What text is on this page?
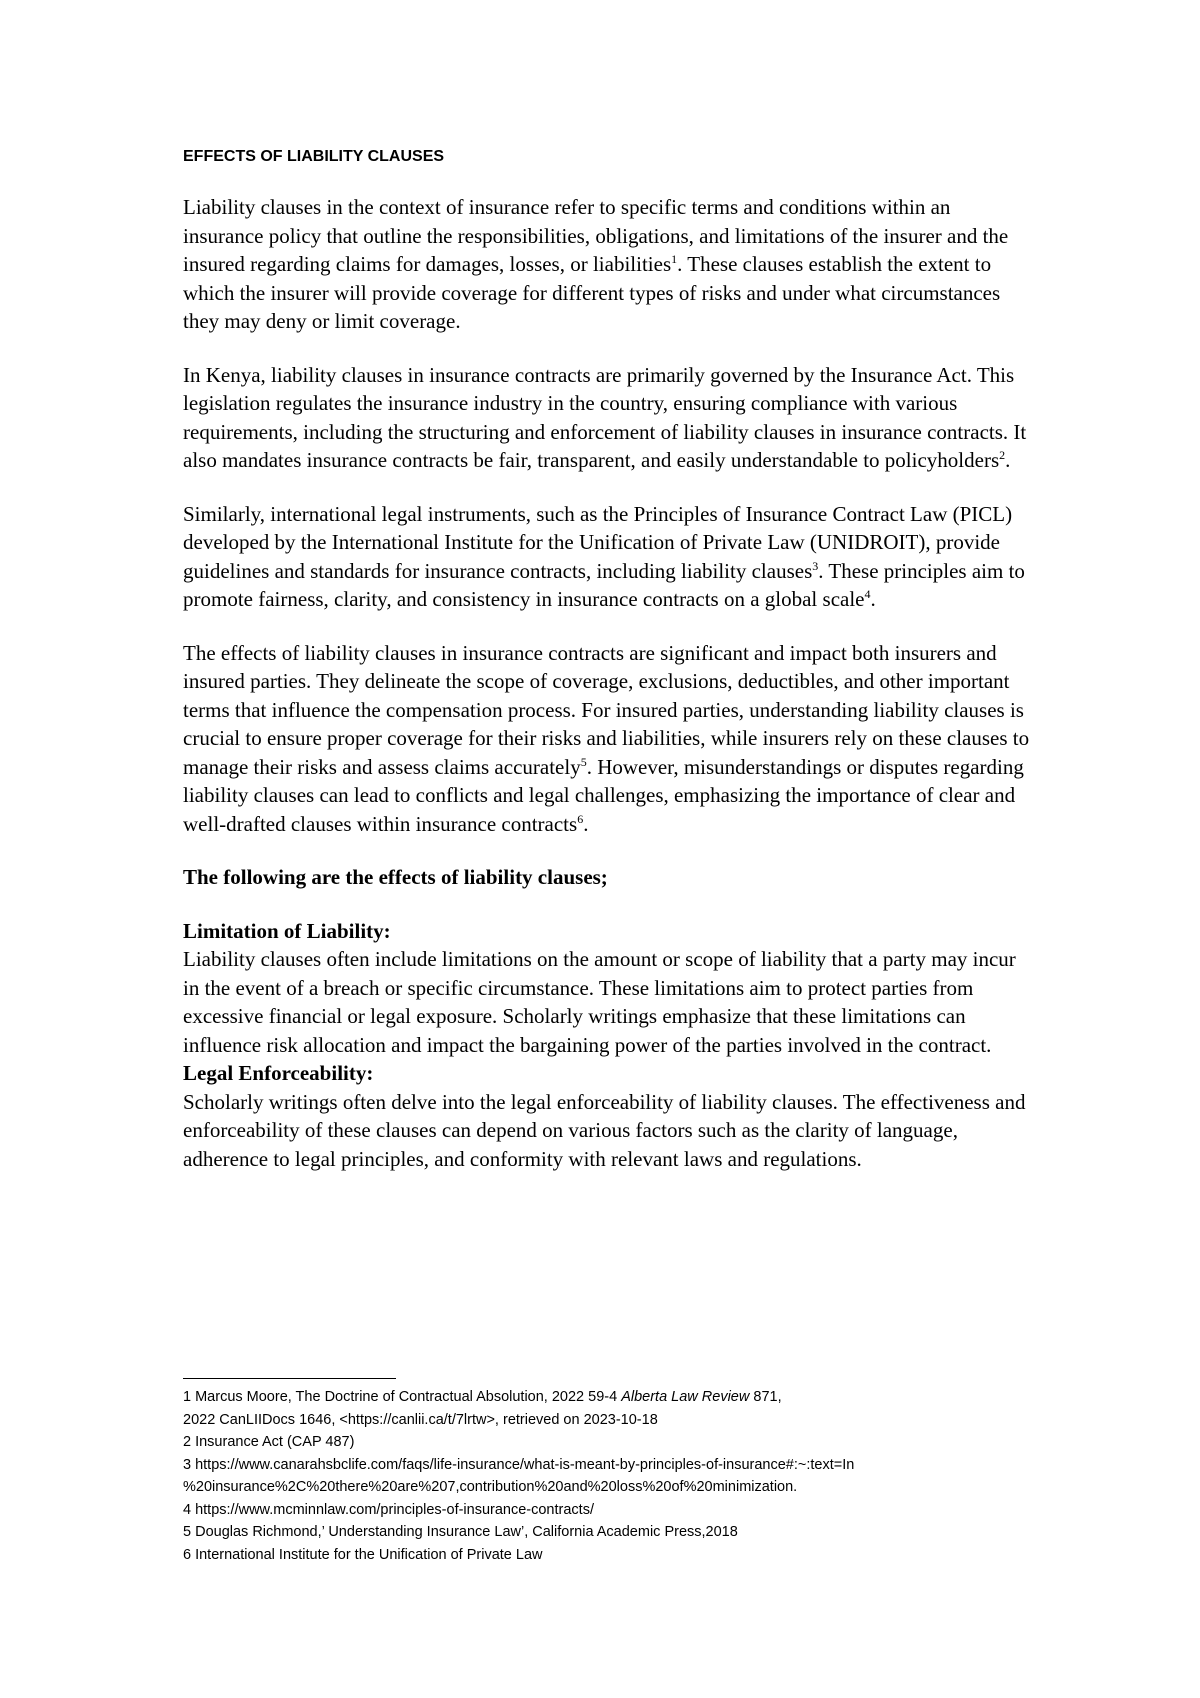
EFFECTS OF LIABILITY CLAUSES

Liability clauses in the context of insurance refer to specific terms and conditions within an insurance policy that outline the responsibilities, obligations, and limitations of the insurer and the insured regarding claims for damages, losses, or liabilities$^1$. These clauses establish the extent to which the insurer will provide coverage for different types of risks and under what circumstances they may deny or limit coverage.

In Kenya, liability clauses in insurance contracts are primarily governed by the Insurance Act. This legislation regulates the insurance industry in the country, ensuring compliance with various requirements, including the structuring and enforcement of liability clauses in insurance contracts. It also mandates insurance contracts be fair, transparent, and easily understandable to policyholders$^2$.

Similarly, international legal instruments, such as the Principles of Insurance Contract Law (PICL) developed by the International Institute for the Unification of Private Law (UNIDROIT), provide guidelines and standards for insurance contracts, including liability clauses$^3$. These principles aim to promote fairness, clarity, and consistency in insurance contracts on a global scale$^4$.

The effects of liability clauses in insurance contracts are significant and impact both insurers and insured parties. They delineate the scope of coverage, exclusions, deductibles, and other important terms that influence the compensation process. For insured parties, understanding liability clauses is crucial to ensure proper coverage for their risks and liabilities, while insurers rely on these clauses to manage their risks and assess claims accurately$^5$. However, misunderstandings or disputes regarding liability clauses can lead to conflicts and legal challenges, emphasizing the importance of clear and well-drafted clauses within insurance contracts$^6$.

The following are the effects of liability clauses;

Limitation of Liability:

Liability clauses often include limitations on the amount or scope of liability that a party may incur in the event of a breach or specific circumstance. These limitations aim to protect parties from excessive financial or legal exposure. Scholarly writings emphasize that these limitations can influence risk allocation and impact the bargaining power of the parties involved in the contract.

Legal Enforceability:

Scholarly writings often delve into the legal enforceability of liability clauses. The effectiveness and enforceability of these clauses can depend on various factors such as the clarity of language, adherence to legal principles, and conformity with relevant laws and regulations.

1 Marcus Moore, The Doctrine of Contractual Absolution, 2022 59-4 Alberta Law Review 871,
2022 CanLIIDocs 1646, <https://canlii.ca/t/7lrtw>, retrieved on 2023-10-18
2 Insurance Act (CAP 487)
3 https://www.canarahsbclife.com/faqs/life-insurance/what-is-meant-by-principles-of-insurance#:~:text=In
%20insurance%2C%20there%20are%207,contribution%20and%20loss%20of%20minimization.
4 https://www.mcminnlaw.com/principles-of-insurance-contracts/
5 Douglas Richmond,’ Understanding Insurance Law’, California Academic Press,2018
6 International Institute for the Unification of Private Law
